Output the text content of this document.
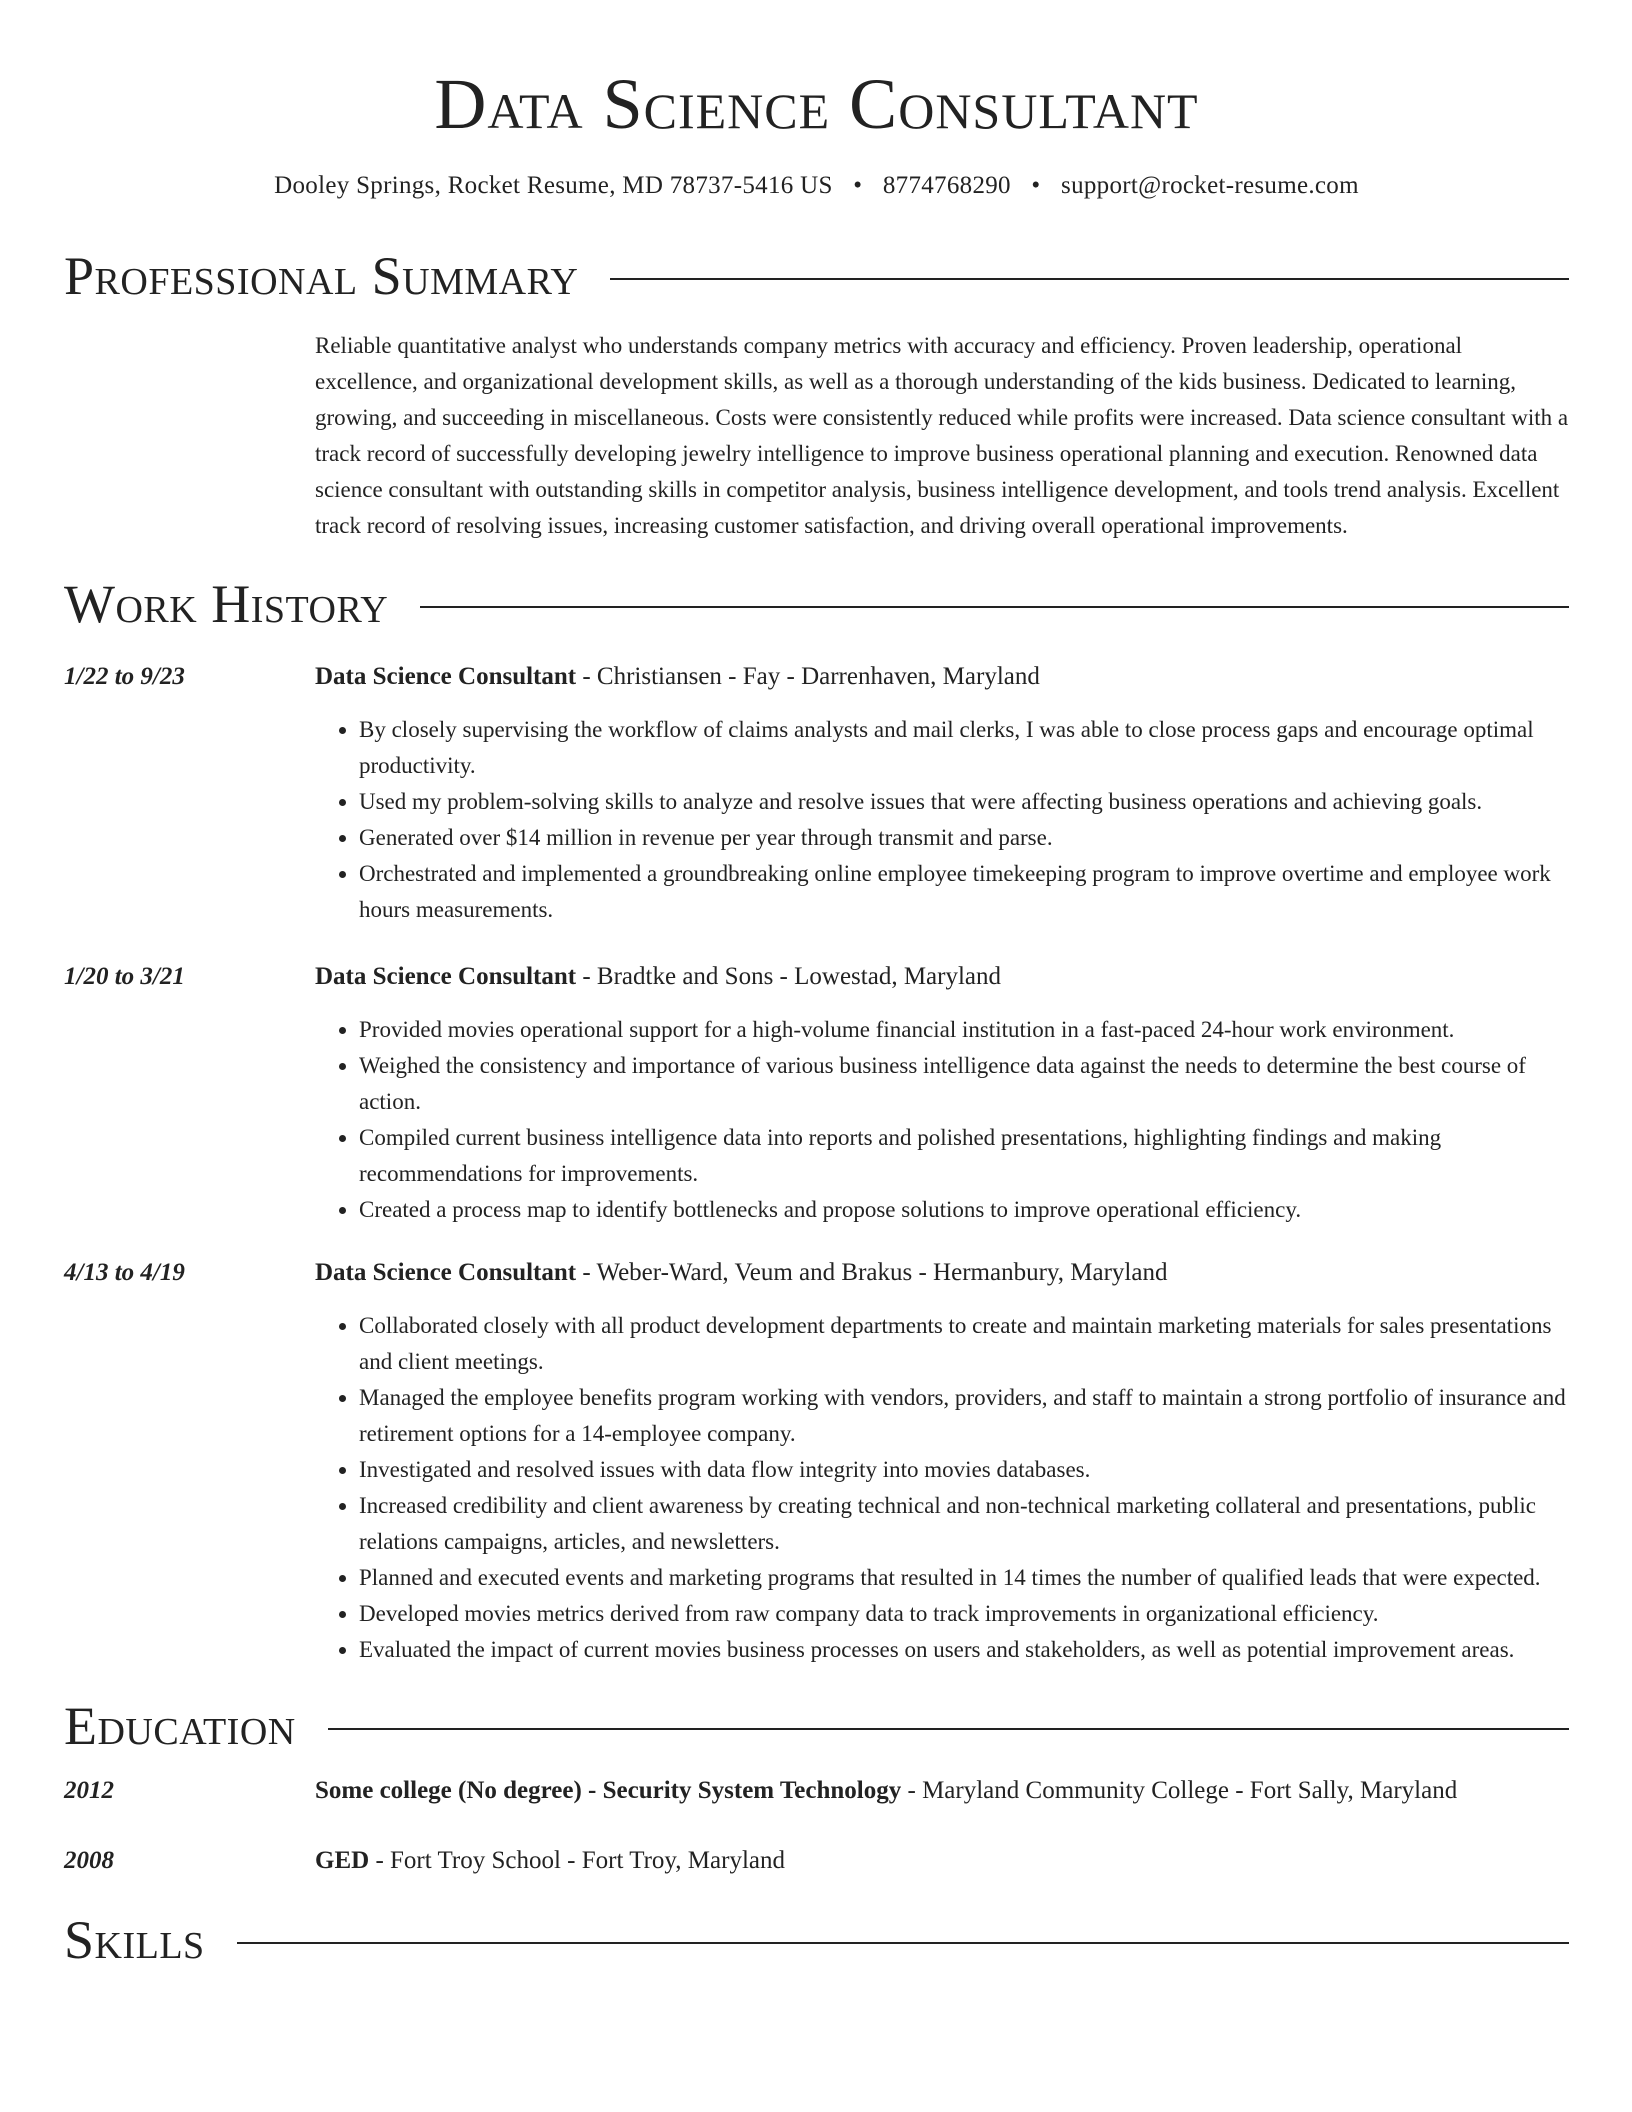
Data Science Consultant
Dooley Springs, Rocket Resume, MD 78737-5416 US • 8774768290 • support@rocket-resume.com
Professional Summary
Reliable quantitative analyst who understands company metrics with accuracy and efficiency. Proven leadership, operational excellence, and organizational development skills, as well as a thorough understanding of the kids business. Dedicated to learning, growing, and succeeding in miscellaneous. Costs were consistently reduced while profits were increased. Data science consultant with a track record of successfully developing jewelry intelligence to improve business operational planning and execution. Renowned data science consultant with outstanding skills in competitor analysis, business intelligence development, and tools trend analysis. Excellent track record of resolving issues, increasing customer satisfaction, and driving overall operational improvements.
Work History
1/22 to 9/23	Data Science Consultant - Christiansen - Fay - Darrenhaven, Maryland
• By closely supervising the workflow of claims analysts and mail clerks, I was able to close process gaps and encourage optimal productivity.
• Used my problem-solving skills to analyze and resolve issues that were affecting business operations and achieving goals.
• Generated over $14 million in revenue per year through transmit and parse.
• Orchestrated and implemented a groundbreaking online employee timekeeping program to improve overtime and employee work hours measurements.
1/20 to 3/21	Data Science Consultant - Bradtke and Sons - Lowestad, Maryland
• Provided movies operational support for a high-volume financial institution in a fast-paced 24-hour work environment.
• Weighed the consistency and importance of various business intelligence data against the needs to determine the best course of action.
• Compiled current business intelligence data into reports and polished presentations, highlighting findings and making recommendations for improvements.
• Created a process map to identify bottlenecks and propose solutions to improve operational efficiency.
4/13 to 4/19	Data Science Consultant - Weber-Ward, Veum and Brakus - Hermanbury, Maryland
• Collaborated closely with all product development departments to create and maintain marketing materials for sales presentations and client meetings.
• Managed the employee benefits program working with vendors, providers, and staff to maintain a strong portfolio of insurance and retirement options for a 14-employee company.
• Investigated and resolved issues with data flow integrity into movies databases.
• Increased credibility and client awareness by creating technical and non-technical marketing collateral and presentations, public relations campaigns, articles, and newsletters.
• Planned and executed events and marketing programs that resulted in 14 times the number of qualified leads that were expected.
• Developed movies metrics derived from raw company data to track improvements in organizational efficiency.
• Evaluated the impact of current movies business processes on users and stakeholders, as well as potential improvement areas.
Education
2012	Some college (No degree) - Security System Technology - Maryland Community College - Fort Sally, Maryland
2008	GED - Fort Troy School - Fort Troy, Maryland
Skills
